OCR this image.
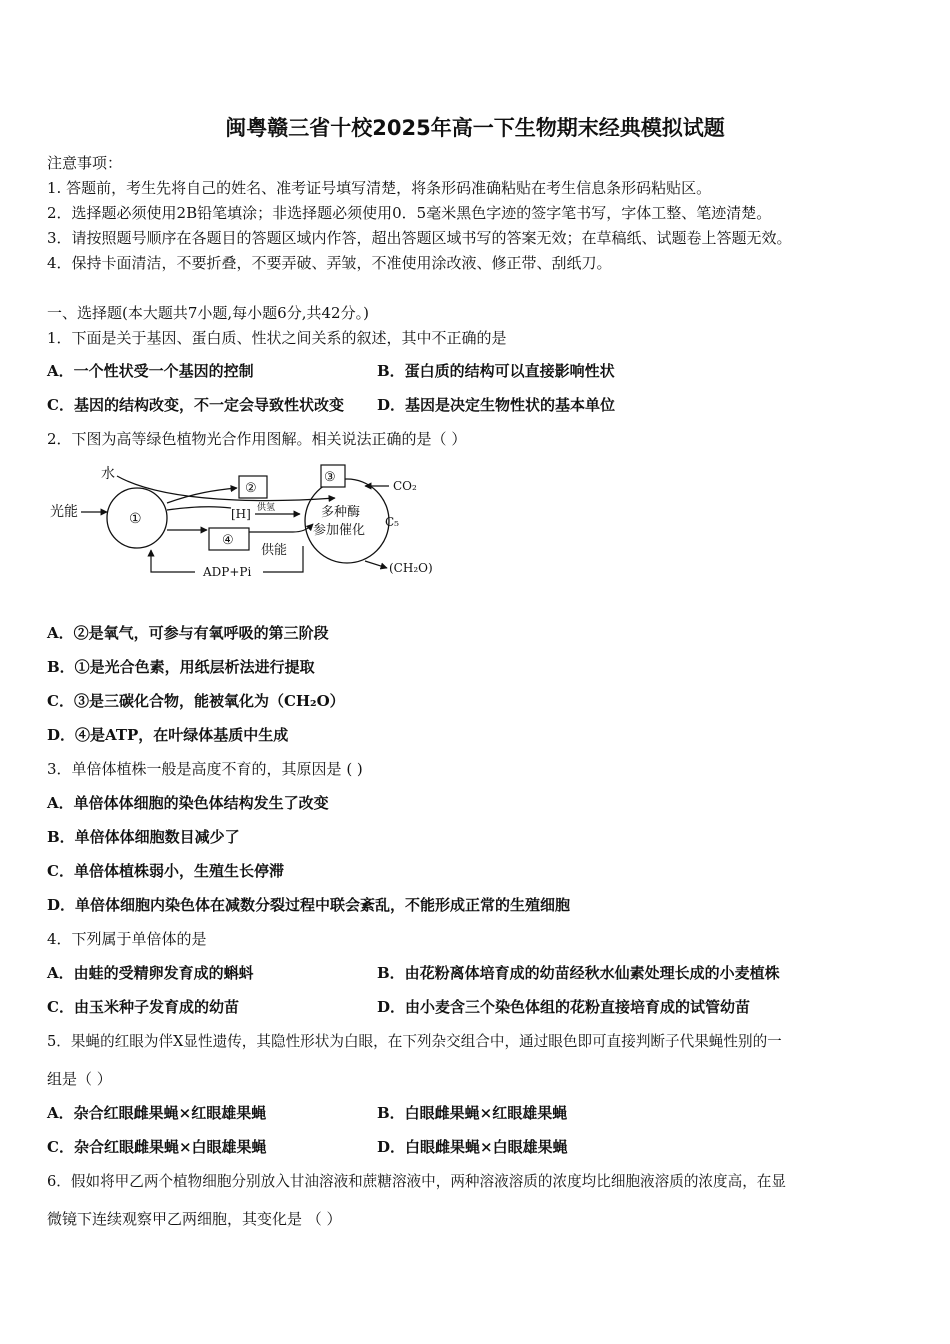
闽粤赣三省十校2025年高一下生物期末经典模拟试题
注意事项：
1. 答题前，考生先将自己的姓名、准考证号填写清楚，将条形码准确粘贴在考生信息条形码粘贴区。
2．选择题必须使用2B铅笔填涂；非选择题必须使用0．5毫米黑色字迹的签字笔书写，字体工整、笔迹清楚。
3．请按照题号顺序在各题目的答题区域内作答，超出答题区域书写的答案无效；在草稿纸、试题卷上答题无效。
4．保持卡面清洁，不要折叠，不要弄破、弄皱，不准使用涂改液、修正带、刮纸刀。
一、选择题(本大题共7小题,每小题6分,共42分。)
1．下面是关于基因、蛋白质、性状之间关系的叙述，其中不正确的是
A．一个性状受一个基因的控制	B．蛋白质的结构可以直接影响性状
C．基因的结构改变，不一定会导致性状改变 D．基因是决定生物性状的基本单位
2．下图为高等绿色植物光合作用图解。相关说法正确的是（ ）
水
光能	①
②
[H] 供氢
④
供能
ADP+Pi
③
多种酶
参加催化
CO₂
C₅
(CH₂O)
A．②是氧气，可参与有氧呼吸的第三阶段
B．①是光合色素，用纸层析法进行提取
C．③是三碳化合物，能被氧化为（CH₂O）
D．④是ATP，在叶绿体基质中生成
3．单倍体植株一般是高度不育的，其原因是 ( )
A．单倍体体细胞的染色体结构发生了改变
B．单倍体体细胞数目减少了
C．单倍体植株弱小，生殖生长停滞
D．单倍体细胞内染色体在减数分裂过程中联会紊乱，不能形成正常的生殖细胞
4．下列属于单倍体的是
A．由蛙的受精卵发育成的蝌蚪	B．由花粉离体培育成的幼苗经秋水仙素处理长成的小麦植株
C．由玉米种子发育成的幼苗	D．由小麦含三个染色体组的花粉直接培育成的试管幼苗
5．果蝇的红眼为伴X显性遗传，其隐性形状为白眼，在下列杂交组合中，通过眼色即可直接判断子代果蝇性别的一
组是（ ）
A．杂合红眼雌果蝇×红眼雄果蝇	B．白眼雌果蝇×红眼雄果蝇
C．杂合红眼雌果蝇×白眼雄果蝇	D．白眼雌果蝇×白眼雄果蝇
6．假如将甲乙两个植物细胞分别放入甘油溶液和蔗糖溶液中，两种溶液溶质的浓度均比细胞液溶质的浓度高，在显
微镜下连续观察甲乙两细胞，其变化是 （ ）
